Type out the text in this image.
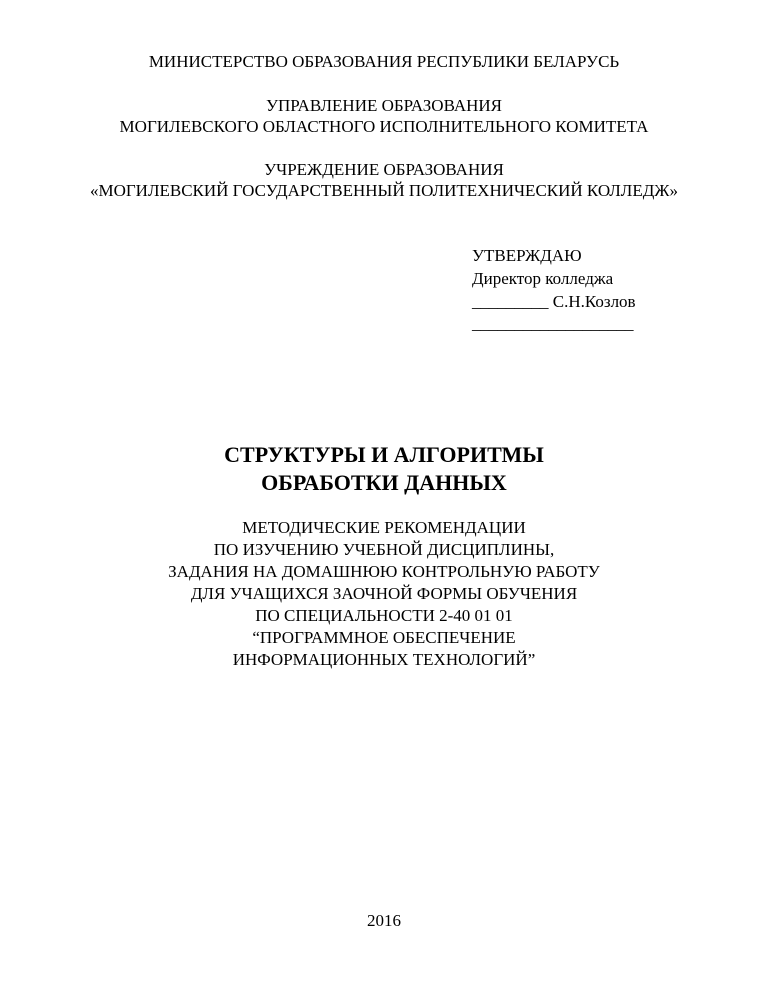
МИНИСТЕРСТВО ОБРАЗОВАНИЯ РЕСПУБЛИКИ БЕЛАРУСЬ
УПРАВЛЕНИЕ ОБРАЗОВАНИЯ
МОГИЛЕВСКОГО ОБЛАСТНОГО ИСПОЛНИТЕЛЬНОГО КОМИТЕТА
УЧРЕЖДЕНИЕ ОБРАЗОВАНИЯ
«МОГИЛЕВСКИЙ ГОСУДАРСТВЕННЫЙ ПОЛИТЕХНИЧЕСКИЙ КОЛЛЕДЖ»
УТВЕРЖДАЮ
Директор колледжа
_________ С.Н.Козлов
___________________
СТРУКТУРЫ И АЛГОРИТМЫ
ОБРАБОТКИ ДАННЫХ
МЕТОДИЧЕСКИЕ РЕКОМЕНДАЦИИ
ПО ИЗУЧЕНИЮ УЧЕБНОЙ ДИСЦИПЛИНЫ,
ЗАДАНИЯ НА ДОМАШНЮЮ КОНТРОЛЬНУЮ РАБОТУ
ДЛЯ УЧАЩИХСЯ ЗАОЧНОЙ ФОРМЫ ОБУЧЕНИЯ
ПО СПЕЦИАЛЬНОСТИ 2-40 01 01
“ПРОГРАММНОЕ ОБЕСПЕЧЕНИЕ
ИНФОРМАЦИОННЫХ ТЕХНОЛОГИЙ”
2016
